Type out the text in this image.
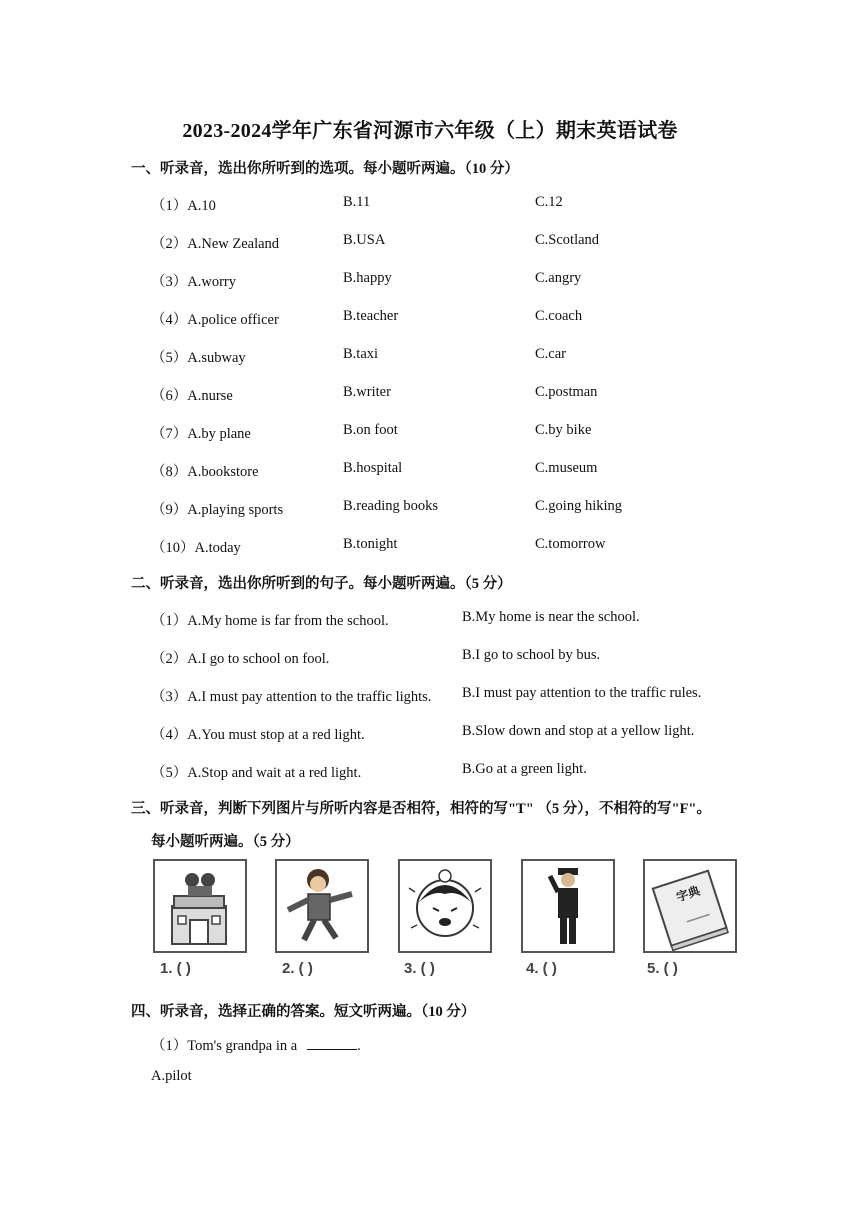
2023-2024学年广东省河源市六年级（上）期末英语试卷
一、听录音，选出你所听到的选项。每小题听两遍。（10 分）
（1）A.10	B.11	C.12
（2）A.New Zealand	B.USA	C.Scotland
（3）A.worry	B.happy	C.angry
（4）A.police officer	B.teacher	C.coach
（5）A.subway	B.taxi	C.car
（6）A.nurse	B.writer	C.postman
（7）A.by plane	B.on foot	C.by bike
（8）A.bookstore	B.hospital	C.museum
（9）A.playing sports	B.reading books	C.going hiking
（10）A.today	B.tonight	C.tomorrow
二、听录音，选出你所听到的句子。每小题听两遍。（5 分）
（1）A.My home is far from the school.	B.My home is near the school.
（2）A.I go to school on fool.	B.I go to school by bus.
（3）A.I must pay attention to the traffic lights. B.I must pay attention to the traffic rules.
（4）A.You must stop at a red light.	B.Slow down and stop at a yellow light.
（5）A.Stop and wait at a red light.	B.Go at a green light.
三、听录音，判断下列图片与所听内容是否相符，相符的写"T" （5 分），不相符的写"F"。
每小题听两遍。（5 分）
字典
1. ( )	2. ( )	3. ( )	4. ( )	5. ( )
四、听录音，选择正确的答案。短文听两遍。（10 分）
（1）Tom's grandpa in a	.
A.pilot
